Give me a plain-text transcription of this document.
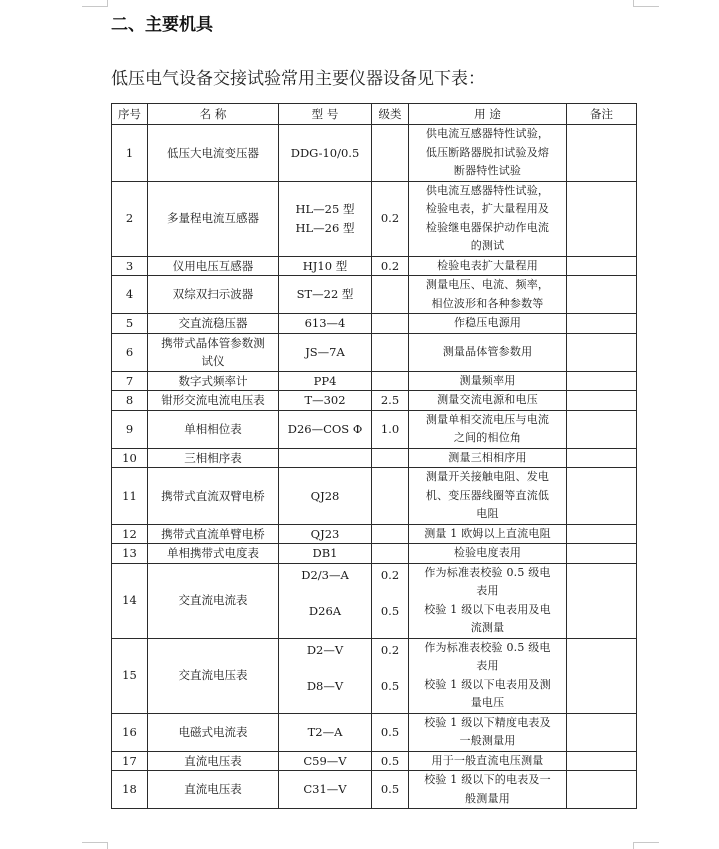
二、主要机具
低压电气设备交接试验常用主要仪器设备见下表：
序号	名 称	型 号	级类	用 途	备注
1	低压大电流变压器	DDG-10/0.5		供电流互感器特性试验，
低压断路器脱扣试验及熔
断器特性试验	

2	多量程电流互感器	HL—25 型
HL—26 型	0.2	供电流互感器特性试验，
检验电表，扩大量程用及
检验继电器保护动作电流
的测试	

3	仪用电压互感器	HJ10 型	0.2	检验电表扩大量程用	

4	双综双扫示波器	ST—22 型		测量电压、电流、频率，
相位波形和各种参数等	

5	交直流稳压器	613—4		作稳压电源用	

6	携带式晶体管参数测
试仪	JS—7A		测量晶体管参数用	

7	数字式频率计	PP4		测量频率用	

8	钳形交流电流电压表	T—302	2.5	测量交流电源和电压	

9	单相相位表	D26—COS Φ	1.0	测量单相交流电压与电流
之间的相位角	

10	三相相序表			测量三相相序用	

11	携带式直流双臂电桥	QJ28		测量开关接触电阻、发电
机、变压器线圈等直流低
电阻	

12	携带式直流单臂电桥	QJ23		测量 1 欧姆以上直流电阻	

13	单相携带式电度表	DB1		检验电度表用	

14	交直流电流表	D2/3—A
D26A	0.2
0.5	作为标准表校验 0.5 级电
表用
校验 1 级以下电表用及电
流测量	

15	交直流电压表	D2—V
D8—V	0.2
0.5	作为标准表校验 0.5 级电
表用
校验 1 级以下电表用及测
量电压	

16	电磁式电流表	T2—A	0.5	校验 1 级以下精度电表及
一般测量用	

17	直流电压表	C59—V	0.5	用于一般直流电压测量	

18	直流电压表	C31—V	0.5	校验 1 级以下的电表及一
般测量用	
